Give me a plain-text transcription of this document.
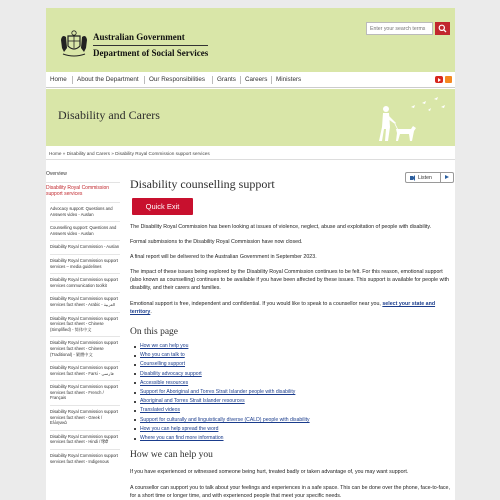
Australian Government
Department of Social Services
Enter your search terms
Home About the Department Our Responsibilities Grants Careers Ministers
Disability and Carers
Home » Disability and Carers » Disability Royal Commission support services
Overview
Disability Royal Commission support services
Advocacy support: Questions and Answers video - Auslan
Counselling support: Questions and Answers video - Auslan
Disability Royal Commission - Auslan
Disability Royal Commission support services – media guidelines
Disability Royal Commission support services communication toolkit
Disability Royal Commission support services fact sheet - Arabic - العربية
Disability Royal Commission support services fact sheet - Chinese (Simplified) - 简体中文
Disability Royal Commission support services fact sheet - Chinese (Traditional) - 繁體中文
Disability Royal Commission support services fact sheet - Farsi - فارسی
Disability Royal Commission support services fact sheet - French / Français
Disability Royal Commission support services fact sheet - Greek / Ελληνικά
Disability Royal Commission support services fact sheet - Hindi / हिंदी
Disability Royal Commission support services fact sheet - Indigenous
Disability counselling support	Listen
Quick Exit

The Disability Royal Commission has been looking at issues of violence, neglect, abuse and exploitation of people with disability.

Formal submissions to the Disability Royal Commission have now closed.

A final report will be delivered to the Australian Government in September 2023.

The impact of these issues being explored by the Disability Royal Commission continues to be felt. For this reason, emotional support (also known as counselling) continues to be available if you have been affected by these issues. This support is available for people with disability, and their carers and families.

Emotional support is free, independent and confidential. If you would like to speak to a counsellor near you, select your state and territory.

On this page
How we can help you
Who you can talk to
Counselling support
Disability advocacy support
Accessible resources
Support for Aboriginal and Torres Strait Islander people with disability
Aboriginal and Torres Strait Islander resources
Translated videos
Support for culturally and linguistically diverse (CALD) people with disability
How you can help spread the word
Where you can find more information
How we can help you

If you have experienced or witnessed someone being hurt, treated badly or taken advantage of, you may want support.

A counsellor can support you to talk about your feelings and experiences in a safe space. This can be done over the phone, face-to-face, for a short time or longer time, and with experienced people that meet your specific needs.
